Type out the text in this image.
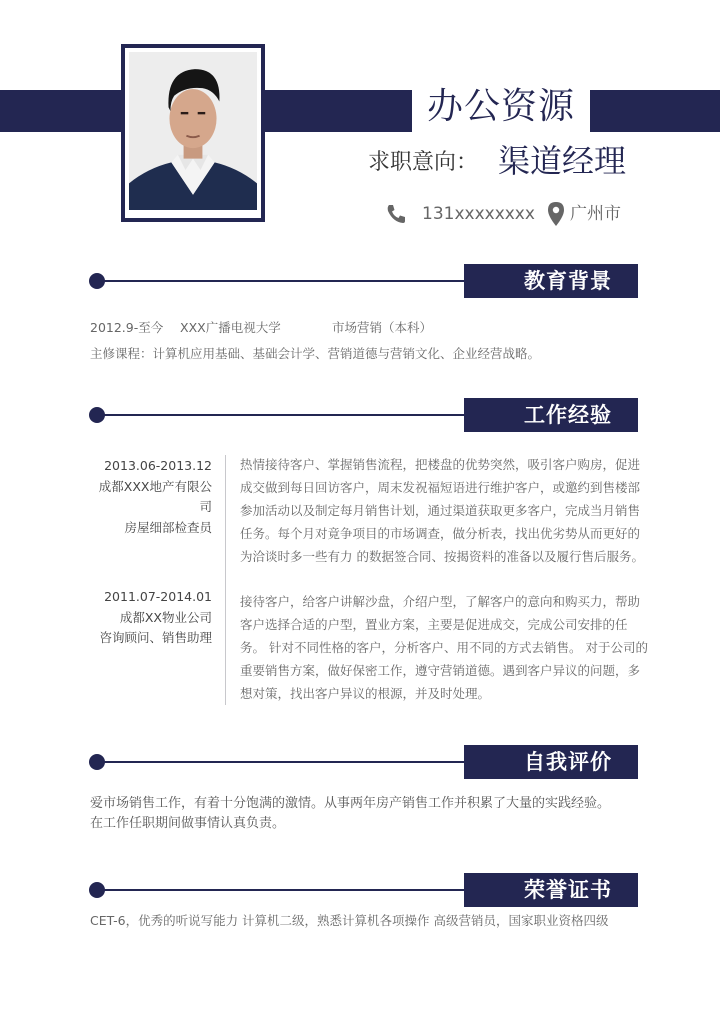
办公资源
求职意向： 渠道经理
131xxxxxxxx 广州市
教育背景
2012.9-至今 XXX广播电视大学	市场营销（本科）
主修课程：计算机应用基础、基础会计学、营销道德与营销文化、企业经营战略。
工作经验
2013.06-2013.12
成都XXX地产有限公司
房屋细部检查员
热情接待客户、掌握销售流程，把楼盘的优势突然，吸引客户购房，促进成交做到每日回访客户，周末发祝福短语进行维护客户，或邀约到售楼部参加活动以及制定每月销售计划，通过渠道获取更多客户，完成当月销售任务。每个月对竟争项目的市场调查，做分析表，找出优劣势从而更好的为洽谈时多一些有力 的数据签合同、按揭资料的准备以及履行售后服务。
2011.07-2014.01
成都XX物业公司
咨询顾问、销售助理
接待客户，给客户讲解沙盘，介绍户型，了解客户的意向和购买力，帮助客户选择合适的户型，置业方案，主要是促进成交，完成公司安排的任务。 针对不同性格的客户，分析客户、用不同的方式去销售。 对于公司的重要销售方案，做好保密工作，遵守营销道德。遇到客户异议的问题，多想对策，找出客户异议的根源，并及时处理。
自我评价
爱市场销售工作，有着十分饱满的激情。从事两年房产销售工作并积累了大量的实践经验。
在工作任职期间做事情认真负责。
荣誉证书
CET-6，优秀的听说写能力 计算机二级，熟悉计算机各项操作 高级营销员，国家职业资格四级
